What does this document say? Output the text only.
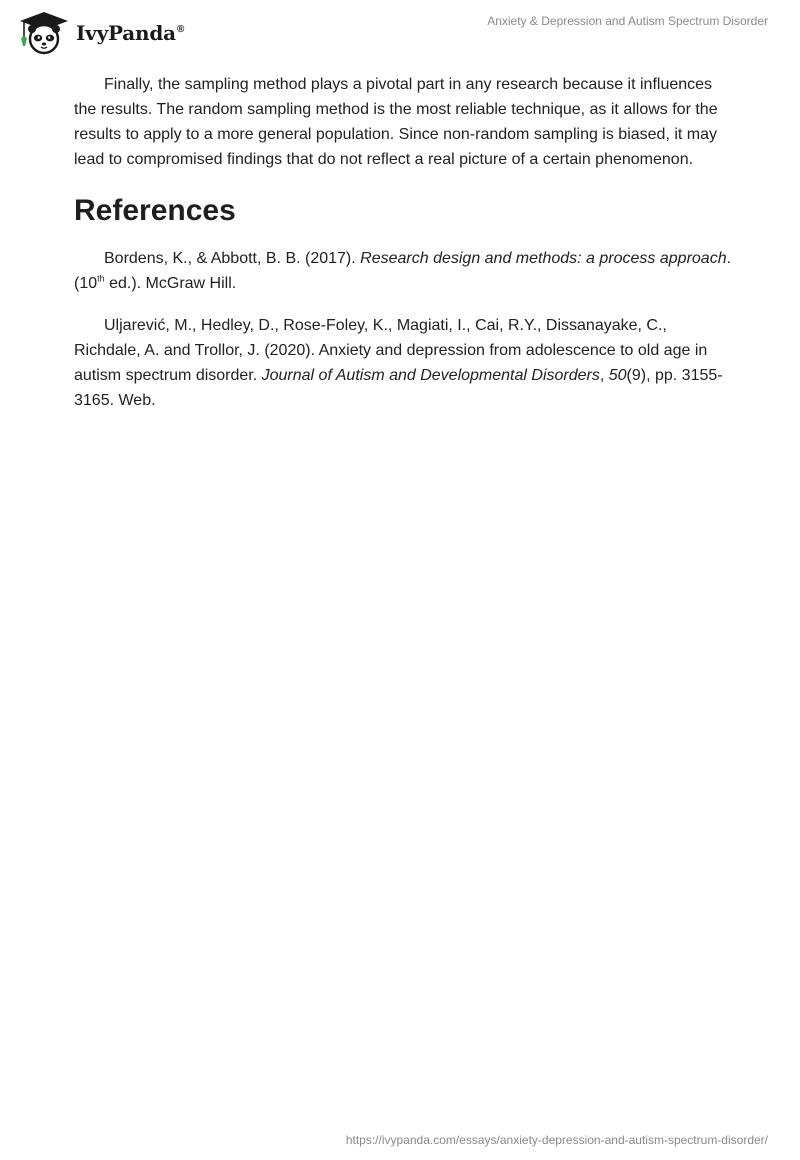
IvyPanda®
Anxiety & Depression and Autism Spectrum Disorder

Finally, the sampling method plays a pivotal part in any research because it influences the results. The random sampling method is the most reliable technique, as it allows for the results to apply to a more general population. Since non-random sampling is biased, it may lead to compromised findings that do not reflect a real picture of a certain phenomenon.

References

Bordens, K., & Abbott, B. B. (2017). Research design and methods: a process approach. (10th ed.). McGraw Hill.

Uljarević, M., Hedley, D., Rose-Foley, K., Magiati, I., Cai, R.Y., Dissanayake, C., Richdale, A. and Trollor, J. (2020). Anxiety and depression from adolescence to old age in autism spectrum disorder. Journal of Autism and Developmental Disorders, 50(9), pp. 3155-3165. Web.

https://ivypanda.com/essays/anxiety-depression-and-autism-spectrum-disorder/
